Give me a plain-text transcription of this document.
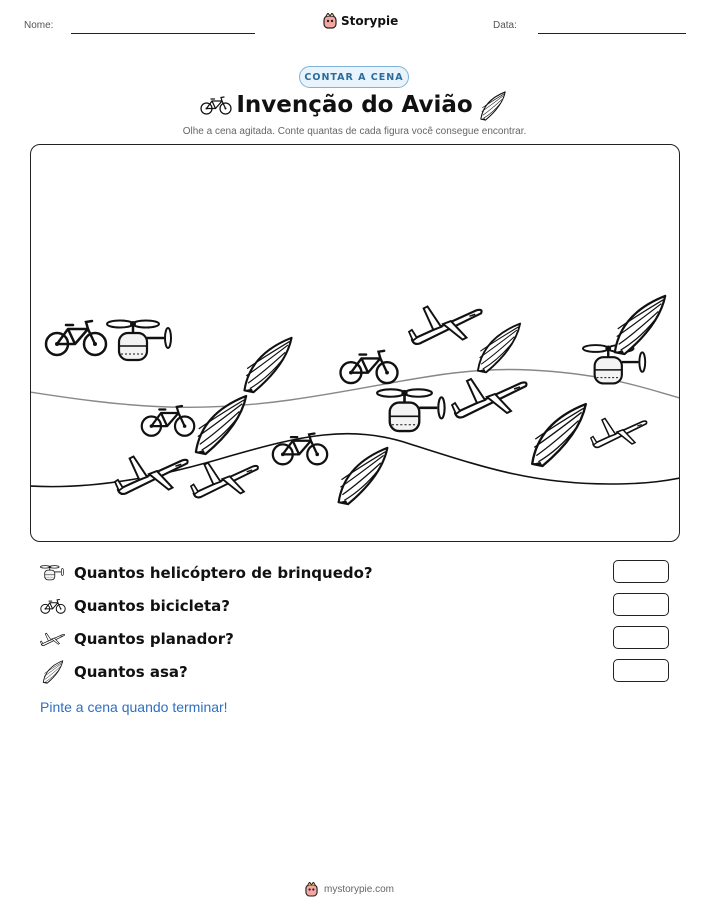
Nome:	Storypie	Data:
CONTAR A CENA
Invenção do Avião
Olhe a cena agitada. Conte quantas de cada figura você consegue encontrar.
Quantos helicóptero de brinquedo?
Quantos bicicleta?
Quantos planador?
Quantos asa?
Pinte a cena quando terminar!
mystorypie.com
